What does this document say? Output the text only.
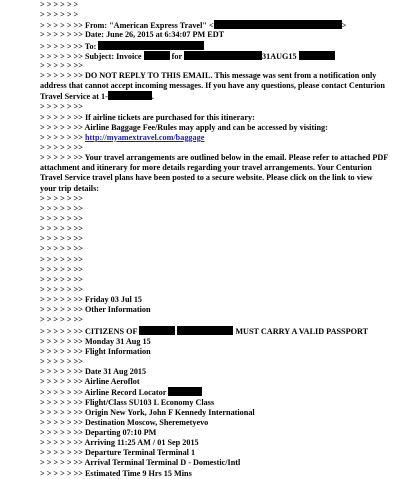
> > > > > >
> > > > > >
> > > > > >> From: "American Express Travel" <	>
> > > > > >> Date: June 26, 2015 at 6:34:07 PM EDT
> > > > > >> To:
> > > > > >> Subject: Invoice	for	31AUG15
> > > > > >>
> > > > > >> DO NOT REPLY TO THIS EMAIL. This message was sent from a notification only address that cannot accept incoming messages. If you have any questions, please contact Centurion Travel Service at 1-	.
> > > > > >>
> > > > > >> If airline tickets are purchased for this itinerary:
> > > > > >> Airline Baggage Fee/Rules may apply and can be accessed by visiting:
> > > > > >> http://myamextravel.com/baggage
> > > > > >>
> > > > > >> Your travel arrangements are outlined below in the email. Please refer to attached PDF attachment and itinerary for more details regarding your travel arrangements. Your Centurion Travel Service travel plans have been posted to a secure website. Please click on the link to view your trip details:
> > > > > >>
> > > > > >>
> > > > > >>
> > > > > >>
> > > > > >>
> > > > > >>
> > > > > >>
> > > > > >>
> > > > > >>
> > > > > >>
> > > > > >> Friday 03 Jul 15
> > > > > >> Other Information
> > > > > >>
> > > > > >> CITIZENS OF	MUST CARRY A VALID PASSPORT
> > > > > >> Monday 31 Aug 15
> > > > > >> Flight Information
> > > > > >>
> > > > > >> Date 31 Aug 2015
> > > > > >> Airline Aeroflot
> > > > > >> Airline Record Locator
> > > > > >> Flight/Class SU103 L Economy Class
> > > > > >> Origin New York, John F Kennedy International
> > > > > >> Destination Moscow, Sheremetyevo
> > > > > >> Departing 07:10 PM
> > > > > >> Arriving 11:25 AM / 01 Sep 2015
> > > > > >> Departure Terminal Terminal 1
> > > > > >> Arrival Terminal Terminal D - Domestic/Intl
> > > > > >> Estimated Time 9 Hrs 15 Mins
